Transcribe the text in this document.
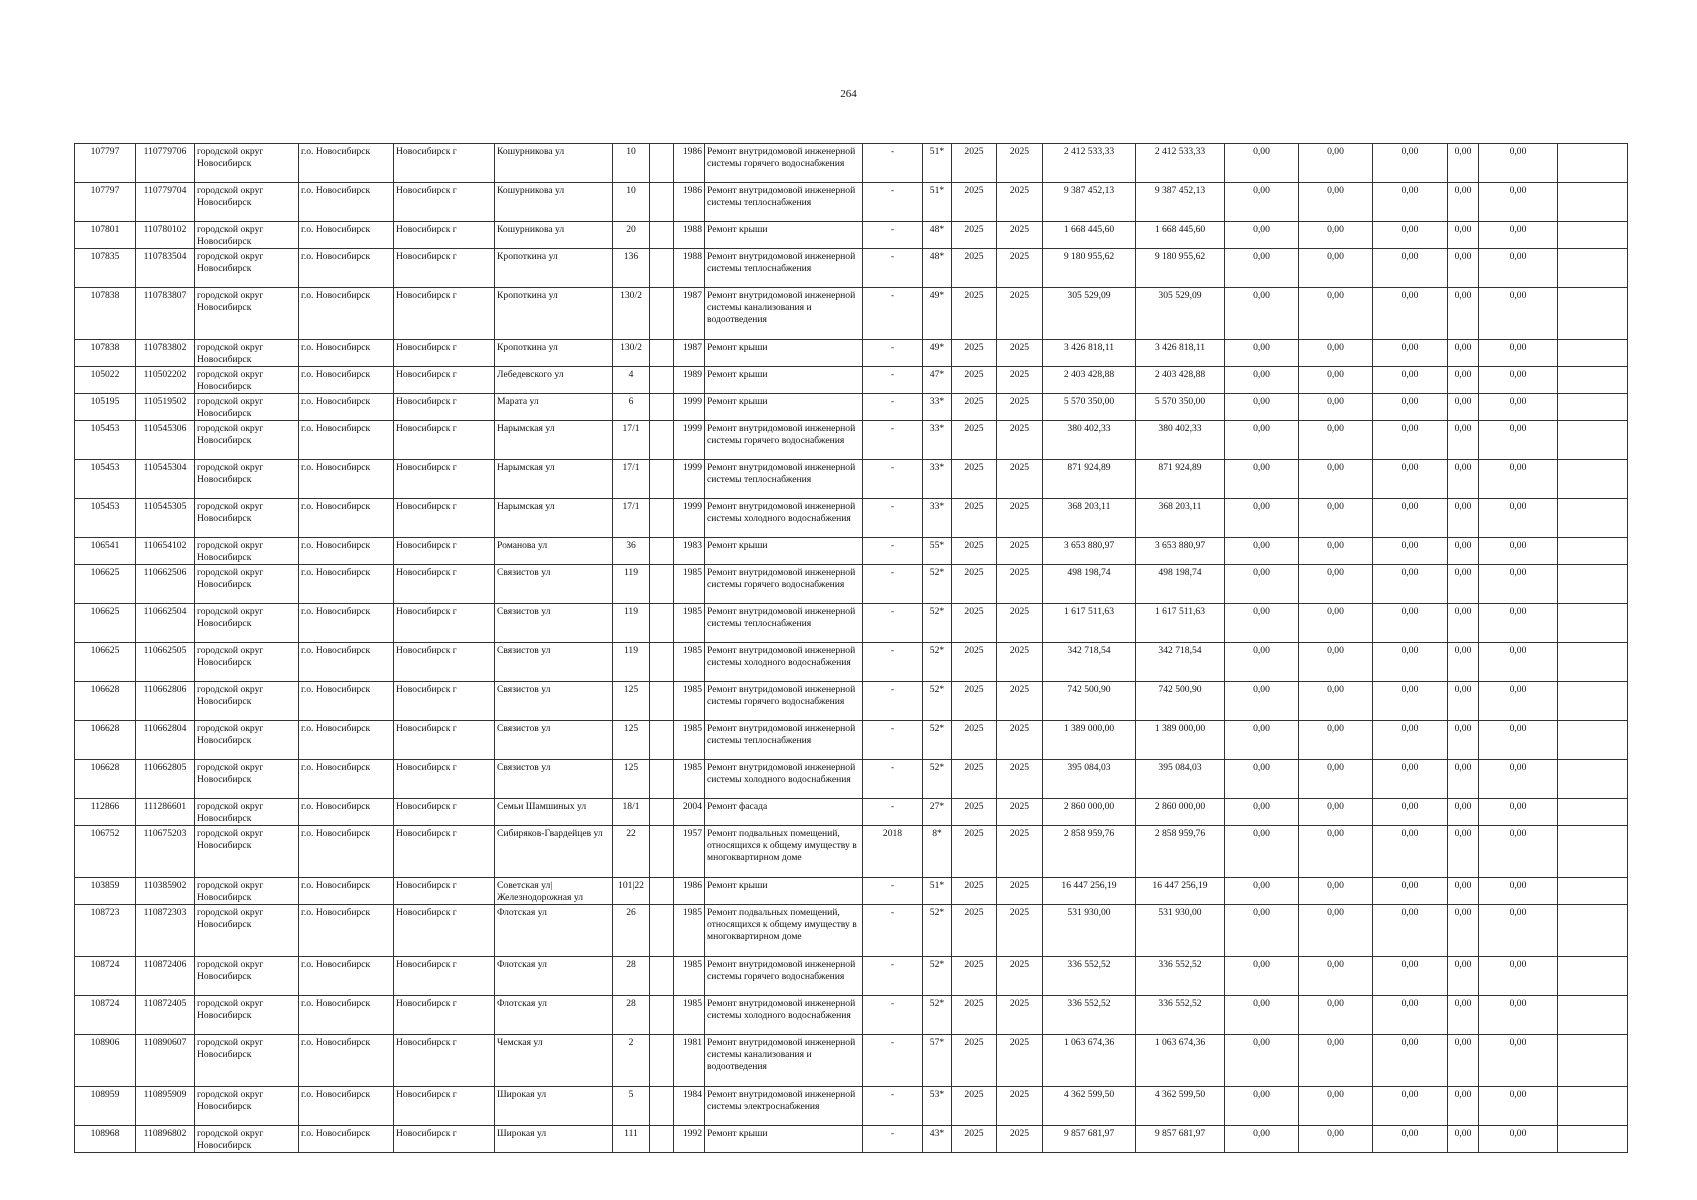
264
107797	110779706	городской округ Новосибирск	г.о. Новосибирск	Новосибирск г	Кошурникова ул	10		1986	Ремонт внутридомовой инженерной системы горячего водоснабжения	-	51*	2025	2025	2 412 533,33	2 412 533,33	0,00	0,00	0,00	0,00	0,00	
107797	110779704	городской округ Новосибирск	г.о. Новосибирск	Новосибирск г	Кошурникова ул	10		1986	Ремонт внутридомовой инженерной системы теплоснабжения	-	51*	2025	2025	9 387 452,13	9 387 452,13	0,00	0,00	0,00	0,00	0,00	
107801	110780102	городской округ Новосибирск	г.о. Новосибирск	Новосибирск г	Кошурникова ул	20		1988	Ремонт крыши	-	48*	2025	2025	1 668 445,60	1 668 445,60	0,00	0,00	0,00	0,00	0,00	
107835	110783504	городской округ Новосибирск	г.о. Новосибирск	Новосибирск г	Кропоткина ул	136		1988	Ремонт внутридомовой инженерной системы теплоснабжения	-	48*	2025	2025	9 180 955,62	9 180 955,62	0,00	0,00	0,00	0,00	0,00	
107838	110783807	городской округ Новосибирск	г.о. Новосибирск	Новосибирск г	Кропоткина ул	130/2		1987	Ремонт внутридомовой инженерной системы канализования и водоотведения	-	49*	2025	2025	305 529,09	305 529,09	0,00	0,00	0,00	0,00	0,00	
107838	110783802	городской округ Новосибирск	г.о. Новосибирск	Новосибирск г	Кропоткина ул	130/2		1987	Ремонт крыши	-	49*	2025	2025	3 426 818,11	3 426 818,11	0,00	0,00	0,00	0,00	0,00	
105022	110502202	городской округ Новосибирск	г.о. Новосибирск	Новосибирск г	Лебедевского ул	4		1989	Ремонт крыши	-	47*	2025	2025	2 403 428,88	2 403 428,88	0,00	0,00	0,00	0,00	0,00	
105195	110519502	городской округ Новосибирск	г.о. Новосибирск	Новосибирск г	Марата ул	6		1999	Ремонт крыши	-	33*	2025	2025	5 570 350,00	5 570 350,00	0,00	0,00	0,00	0,00	0,00	
105453	110545306	городской округ Новосибирск	г.о. Новосибирск	Новосибирск г	Нарымская ул	17/1		1999	Ремонт внутридомовой инженерной системы горячего водоснабжения	-	33*	2025	2025	380 402,33	380 402,33	0,00	0,00	0,00	0,00	0,00	
105453	110545304	городской округ Новосибирск	г.о. Новосибирск	Новосибирск г	Нарымская ул	17/1		1999	Ремонт внутридомовой инженерной системы теплоснабжения	-	33*	2025	2025	871 924,89	871 924,89	0,00	0,00	0,00	0,00	0,00	
105453	110545305	городской округ Новосибирск	г.о. Новосибирск	Новосибирск г	Нарымская ул	17/1		1999	Ремонт внутридомовой инженерной системы холодного водоснабжения	-	33*	2025	2025	368 203,11	368 203,11	0,00	0,00	0,00	0,00	0,00	
106541	110654102	городской округ Новосибирск	г.о. Новосибирск	Новосибирск г	Романова ул	36		1983	Ремонт крыши	-	55*	2025	2025	3 653 880,97	3 653 880,97	0,00	0,00	0,00	0,00	0,00	
106625	110662506	городской округ Новосибирск	г.о. Новосибирск	Новосибирск г	Связистов ул	119		1985	Ремонт внутридомовой инженерной системы горячего водоснабжения	-	52*	2025	2025	498 198,74	498 198,74	0,00	0,00	0,00	0,00	0,00	
106625	110662504	городской округ Новосибирск	г.о. Новосибирск	Новосибирск г	Связистов ул	119		1985	Ремонт внутридомовой инженерной системы теплоснабжения	-	52*	2025	2025	1 617 511,63	1 617 511,63	0,00	0,00	0,00	0,00	0,00	
106625	110662505	городской округ Новосибирск	г.о. Новосибирск	Новосибирск г	Связистов ул	119		1985	Ремонт внутридомовой инженерной системы холодного водоснабжения	-	52*	2025	2025	342 718,54	342 718,54	0,00	0,00	0,00	0,00	0,00	
106628	110662806	городской округ Новосибирск	г.о. Новосибирск	Новосибирск г	Связистов ул	125		1985	Ремонт внутридомовой инженерной системы горячего водоснабжения	-	52*	2025	2025	742 500,90	742 500,90	0,00	0,00	0,00	0,00	0,00	
106628	110662804	городской округ Новосибирск	г.о. Новосибирск	Новосибирск г	Связистов ул	125		1985	Ремонт внутридомовой инженерной системы теплоснабжения	-	52*	2025	2025	1 389 000,00	1 389 000,00	0,00	0,00	0,00	0,00	0,00	
106628	110662805	городской округ Новосибирск	г.о. Новосибирск	Новосибирск г	Связистов ул	125		1985	Ремонт внутридомовой инженерной системы холодного водоснабжения	-	52*	2025	2025	395 084,03	395 084,03	0,00	0,00	0,00	0,00	0,00	
112866	111286601	городской округ Новосибирск	г.о. Новосибирск	Новосибирск г	Семьи Шамшиных ул	18/1		2004	Ремонт фасада	-	27*	2025	2025	2 860 000,00	2 860 000,00	0,00	0,00	0,00	0,00	0,00	
106752	110675203	городской округ Новосибирск	г.о. Новосибирск	Новосибирск г	Сибиряков-Гвардейцев ул	22		1957	Ремонт подвальных помещений, относящихся к общему имуществу в многоквартирном доме	2018	8*	2025	2025	2 858 959,76	2 858 959,76	0,00	0,00	0,00	0,00	0,00	
103859	110385902	городской округ Новосибирск	г.о. Новосибирск	Новосибирск г	Советская ул| Железнодорожная ул	101|22		1986	Ремонт крыши	-	51*	2025	2025	16 447 256,19	16 447 256,19	0,00	0,00	0,00	0,00	0,00	
108723	110872303	городской округ Новосибирск	г.о. Новосибирск	Новосибирск г	Флотская ул	26		1985	Ремонт подвальных помещений, относящихся к общему имуществу в многоквартирном доме	-	52*	2025	2025	531 930,00	531 930,00	0,00	0,00	0,00	0,00	0,00	
108724	110872406	городской округ Новосибирск	г.о. Новосибирск	Новосибирск г	Флотская ул	28		1985	Ремонт внутридомовой инженерной системы горячего водоснабжения	-	52*	2025	2025	336 552,52	336 552,52	0,00	0,00	0,00	0,00	0,00	
108724	110872405	городской округ Новосибирск	г.о. Новосибирск	Новосибирск г	Флотская ул	28		1985	Ремонт внутридомовой инженерной системы холодного водоснабжения	-	52*	2025	2025	336 552,52	336 552,52	0,00	0,00	0,00	0,00	0,00	
108906	110890607	городской округ Новосибирск	г.о. Новосибирск	Новосибирск г	Чемская ул	2		1981	Ремонт внутридомовой инженерной системы канализования и водоотведения	-	57*	2025	2025	1 063 674,36	1 063 674,36	0,00	0,00	0,00	0,00	0,00	
108959	110895909	городской округ Новосибирск	г.о. Новосибирск	Новосибирск г	Широкая ул	5		1984	Ремонт внутридомовой инженерной системы электроснабжения	-	53*	2025	2025	4 362 599,50	4 362 599,50	0,00	0,00	0,00	0,00	0,00	
108968	110896802	городской округ Новосибирск	г.о. Новосибирск	Новосибирск г	Широкая ул	111		1992	Ремонт крыши	-	43*	2025	2025	9 857 681,97	9 857 681,97	0,00	0,00	0,00	0,00	0,00	
